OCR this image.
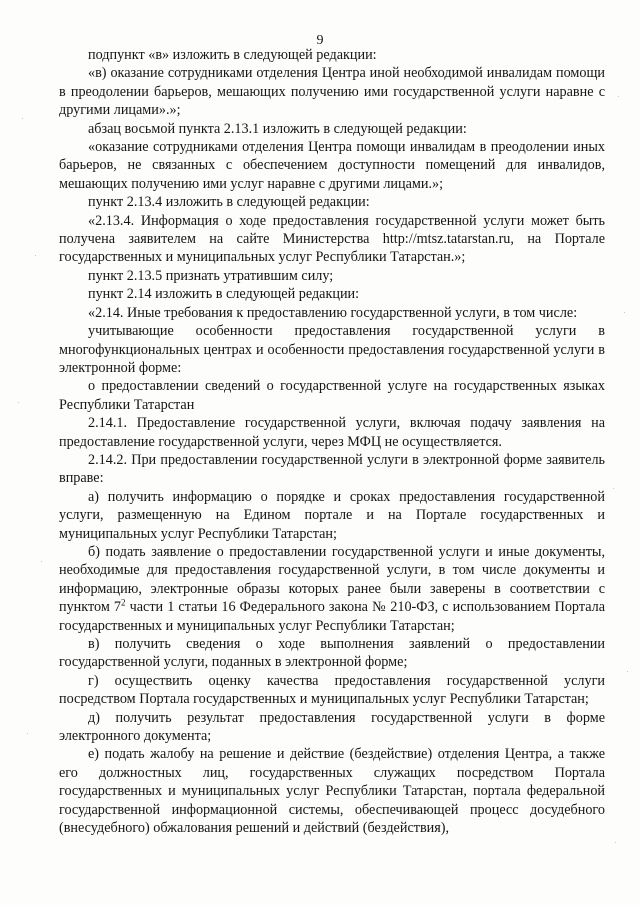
9

подпункт «в» изложить в следующей редакции:

«в) оказание сотрудниками отделения Центра иной необходимой инвалидам помощи в преодолении барьеров, мешающих получению ими государственной услуги наравне с другими лицами».»;

абзац восьмой пункта 2.13.1 изложить в следующей редакции:

«оказание сотрудниками отделения Центра помощи инвалидам в преодолении иных барьеров, не связанных с обеспечением доступности помещений для инвалидов, мешающих получению ими услуг наравне с другими лицами.»;

пункт 2.13.4 изложить в следующей редакции:

«2.13.4. Информация о ходе предоставления государственной услуги может быть получена заявителем на сайте Министерства http://mtsz.tatarstan.ru, на Портале государственных и муниципальных услуг Республики Татарстан.»;

пункт 2.13.5 признать утратившим силу;

пункт 2.14 изложить в следующей редакции:

«2.14. Иные требования к предоставлению государственной услуги, в том числе:

учитывающие особенности предоставления государственной услуги в многофункциональных центрах и особенности предоставления государственной услуги в электронной форме:

о предоставлении сведений о государственной услуге на государственных языках Республики Татарстан

2.14.1. Предоставление государственной услуги, включая подачу заявления на предоставление государственной услуги, через МФЦ не осуществляется.

2.14.2. При предоставлении государственной услуги в электронной форме заявитель вправе:

а) получить информацию о порядке и сроках предоставления государственной услуги, размещенную на Едином портале и на Портале государственных и муниципальных услуг Республики Татарстан;

б) подать заявление о предоставлении государственной услуги и иные документы, необходимые для предоставления государственной услуги, в том числе документы и информацию, электронные образы которых ранее были заверены в соответствии с пунктом $7^2$ части 1 статьи 16 Федерального закона № 210-ФЗ, с использованием Портала государственных и муниципальных услуг Республики Татарстан;

в) получить сведения о ходе выполнения заявлений о предоставлении государственной услуги, поданных в электронной форме;

г) осуществить оценку качества предоставления государственной услуги посредством Портала государственных и муниципальных услуг Республики Татарстан;

д) получить результат предоставления государственной услуги в форме электронного документа;

е) подать жалобу на решение и действие (бездействие) отделения Центра, а также его должностных лиц, государственных служащих посредством Портала государственных и муниципальных услуг Республики Татарстан, портала федеральной государственной информационной системы, обеспечивающей процесс досудебного (внесудебного) обжалования решений и действий (бездействия),
